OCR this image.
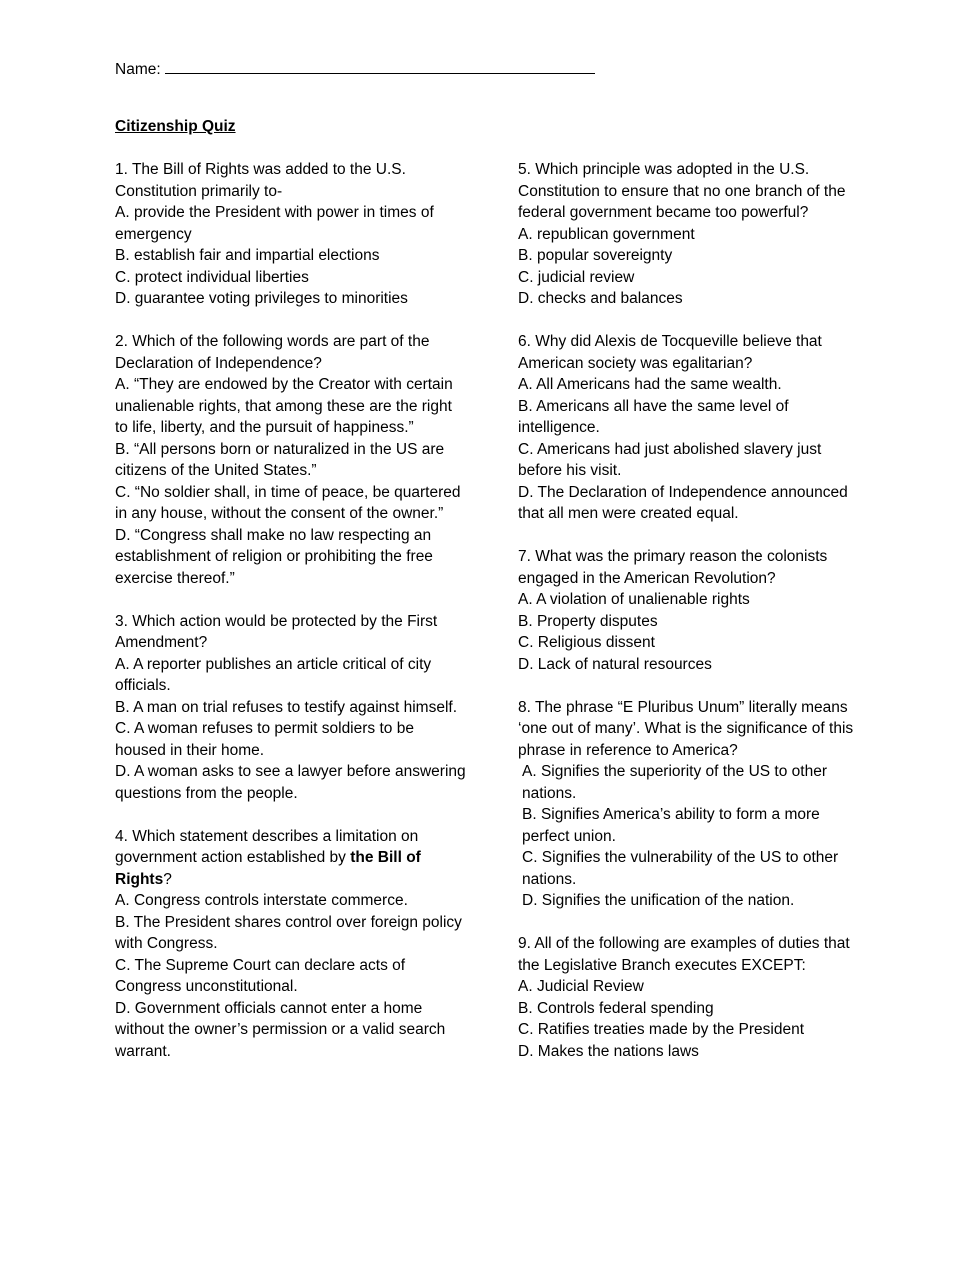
Name:
Citizenship Quiz

1. The Bill of Rights was added to the U.S. Constitution primarily to-

A. provide the President with power in times of emergency

B. establish fair and impartial elections

C. protect individual liberties

D. guarantee voting privileges to minorities

2. Which of the following words are part of the Declaration of Independence?

A. “They are endowed by the Creator with certain unalienable rights, that among these are the right to life, liberty, and the pursuit of happiness.”

B. “All persons born or naturalized in the US are citizens of the United States.”

C. “No soldier shall, in time of peace, be quartered in any house, without the consent of the owner.”

D. “Congress shall make no law respecting an establishment of religion or prohibiting the free exercise thereof.”

3. Which action would be protected by the First Amendment?

A. A reporter publishes an article critical of city officials.

B. A man on trial refuses to testify against himself.

C. A woman refuses to permit soldiers to be housed in their home.

D. A woman asks to see a lawyer before answering questions from the people.

4. Which statement describes a limitation on government action established by the Bill of Rights?

A. Congress controls interstate commerce.

B. The President shares control over foreign policy with Congress.

C. The Supreme Court can declare acts of Congress unconstitutional.

D. Government officials cannot enter a home without the owner’s permission or a valid search warrant.

5. Which principle was adopted in the U.S. Constitution to ensure that no one branch of the federal government became too powerful?

A. republican government

B. popular sovereignty

C. judicial review

D. checks and balances

6. Why did Alexis de Tocqueville believe that American society was egalitarian?

A. All Americans had the same wealth.

B. Americans all have the same level of intelligence.

C. Americans had just abolished slavery just before his visit.

D. The Declaration of Independence announced that all men were created equal.

7. What was the primary reason the colonists engaged in the American Revolution?

A. A violation of unalienable rights

B. Property disputes

C. Religious dissent

D. Lack of natural resources

8. The phrase “E Pluribus Unum” literally means ‘one out of many’. What is the significance of this phrase in reference to America?

A. Signifies the superiority of the US to other nations.

B. Signifies America’s ability to form a more perfect union.

C. Signifies the vulnerability of the US to other nations.

D. Signifies the unification of the nation.

9. All of the following are examples of duties that the Legislative Branch executes EXCEPT:

A. Judicial Review

B. Controls federal spending

C. Ratifies treaties made by the President

D. Makes the nations laws
